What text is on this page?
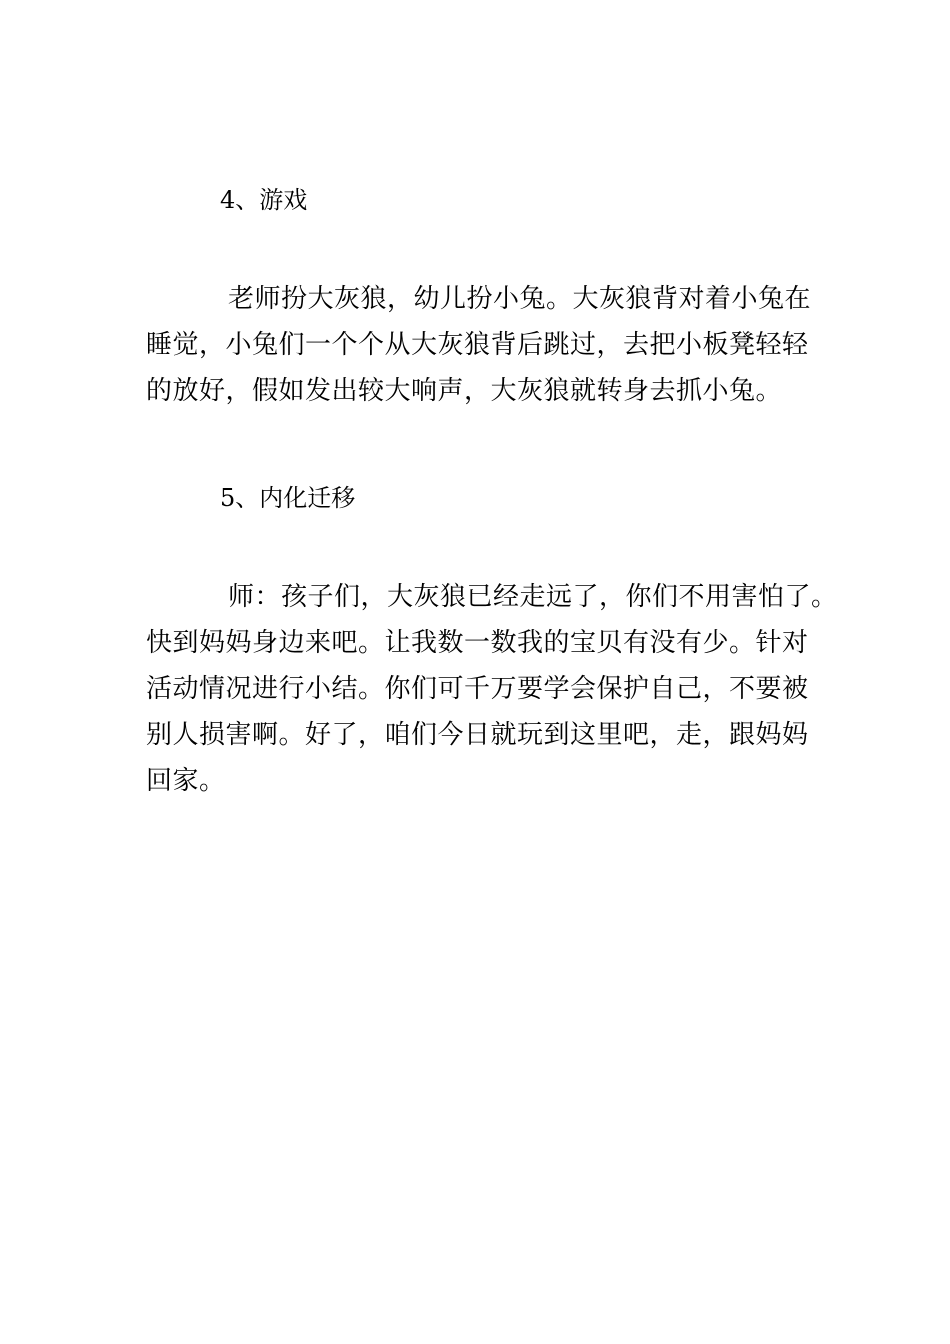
4、游戏
老师扮大灰狼，幼儿扮小兔。大灰狼背对着小兔在
睡觉，小兔们一个个从大灰狼背后跳过，去把小板凳轻轻
的放好，假如发出较大响声，大灰狼就转身去抓小兔。
5、内化迁移
师：孩子们，大灰狼已经走远了，你们不用害怕了。
快到妈妈身边来吧。让我数一数我的宝贝有没有少。针对
活动情况进行小结。你们可千万要学会保护自己，不要被
别人损害啊。好了，咱们今日就玩到这里吧，走，跟妈妈
回家。
